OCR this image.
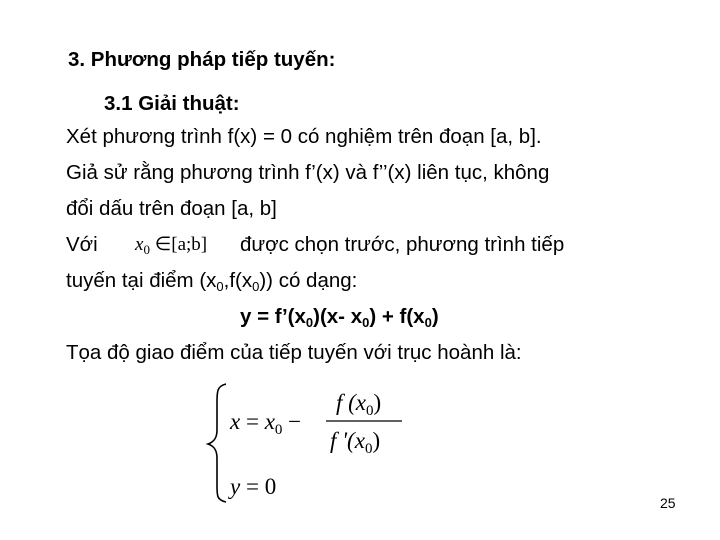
3. Phương pháp tiếp tuyến:
3.1 Giải thuật:
Xét phương trình f(x) = 0 có nghiệm trên đoạn [a, b].
Giả sử rằng phương trình f’(x) và f’’(x) liên tục, không
đổi dấu trên đoạn [a, b]
Với $x_0$ ∈[a;b] được chọn trước, phương trình tiếp
tuyến tại điểm $(x_0,f(x_0))$ có dạng:
$y = f’(x_0)(x-$ $x_0) + f(x_0)$
Tọa độ giao điểm của tiếp tuyến với trục hoành là:
$x = x_0$ −
f $(x_0)$
f '$(x_0)$
y = 0
25
